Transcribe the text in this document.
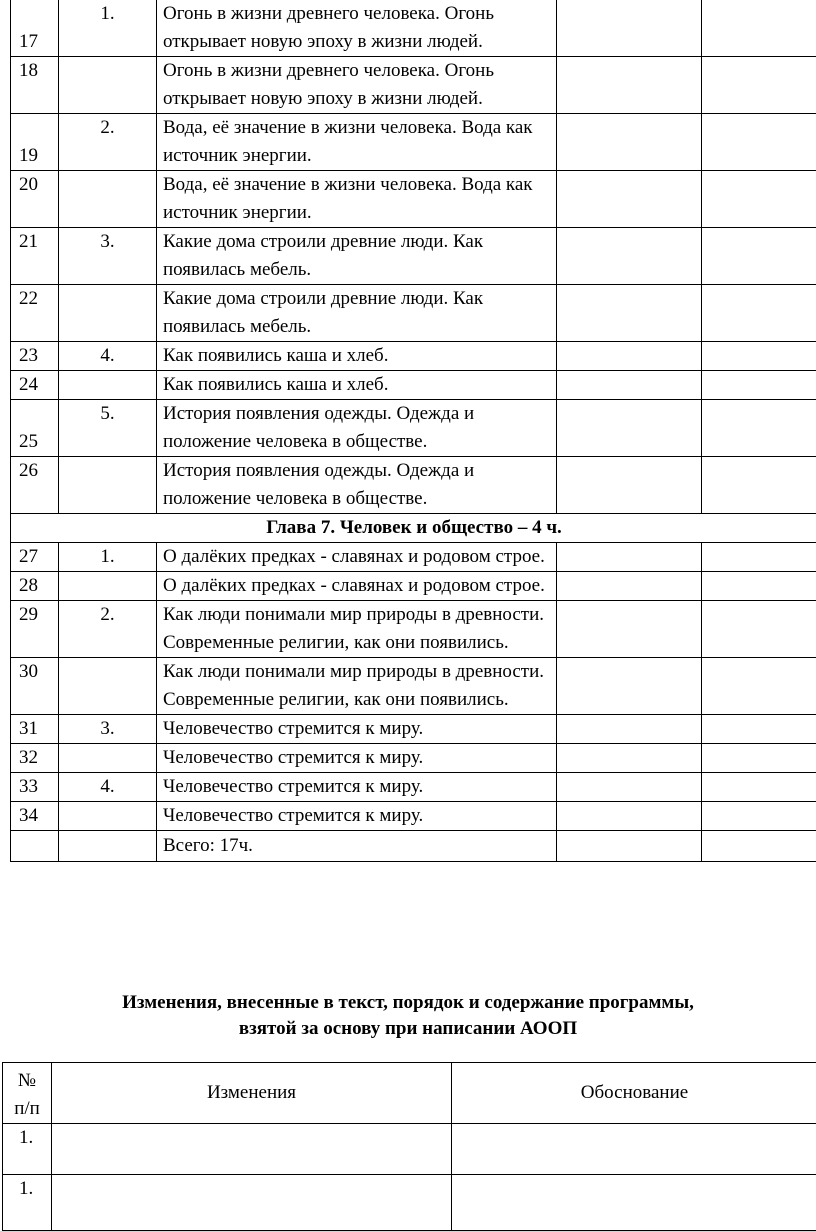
17	1.	Огонь в жизни древнего человека. Огонь открывает новую эпоху в жизни людей.		
18		Огонь в жизни древнего человека. Огонь открывает новую эпоху в жизни людей.		
19	2.	Вода, её значение в жизни человека. Вода как источник энергии.		
20		Вода, её значение в жизни человека. Вода как источник энергии.		
21	3.	Какие дома строили древние люди. Как появилась мебель.		
22		Какие дома строили древние люди. Как появилась мебель.		
23	4.	Как появились каша и хлеб.		
24		Как появились каша и хлеб.		
25	5.	История появления одежды. Одежда и положение человека в обществе.		
26		История появления одежды. Одежда и положение человека в обществе.		
Глава 7. Человек и общество – 4 ч.				
27	1.	О далёких предках - славянах и родовом строе.		
28		О далёких предках - славянах и родовом строе.		
29	2.	Как люди понимали мир природы в древности. Современные религии, как они появились.		
30		Как люди понимали мир природы в древности. Современные религии, как они появились.		
31	3.	Человечество стремится к миру.		
32		Человечество стремится к миру.		
33	4.	Человечество стремится к миру.		
34		Человечество стремится к миру.		
		Всего: 17ч.		
Изменения, внесенные в текст, порядок и содержание программы,
взятой за основу при написании АООП
№
п/п	Изменения	Обоснование
1.		
1.		
